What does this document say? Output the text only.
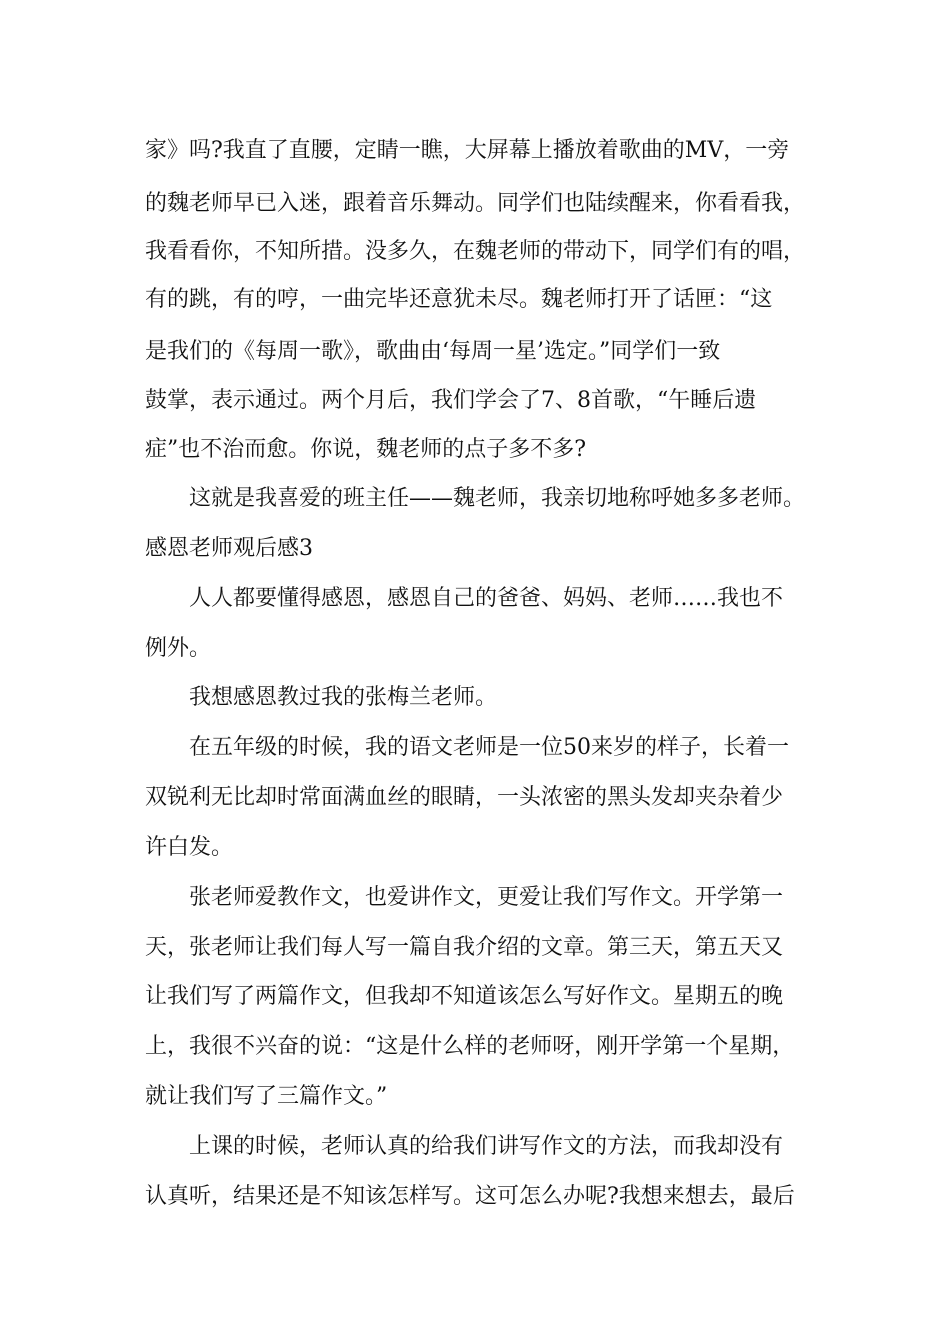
家》吗?我直了直腰，定睛一瞧，大屏幕上播放着歌曲的MV，一旁
的魏老师早已入迷，跟着音乐舞动。同学们也陆续醒来，你看看我，
我看看你，不知所措。没多久，在魏老师的带动下，同学们有的唱，
有的跳，有的哼，一曲完毕还意犹未尽。魏老师打开了话匣：“这
是我们的《每周一歌》，歌曲由‘每周一星’选定。”同学们一致
鼓掌，表示通过。两个月后，我们学会了7、8首歌，“午睡后遗
症”也不治而愈。你说，魏老师的点子多不多?
这就是我喜爱的班主任——魏老师，我亲切地称呼她多多老师。
感恩老师观后感3
人人都要懂得感恩，感恩自己的爸爸、妈妈、老师……我也不
例外。
我想感恩教过我的张梅兰老师。
在五年级的时候，我的语文老师是一位50来岁的样子，长着一
双锐利无比却时常面满血丝的眼睛，一头浓密的黑头发却夹杂着少
许白发。
张老师爱教作文，也爱讲作文，更爱让我们写作文。开学第一
天，张老师让我们每人写一篇自我介绍的文章。第三天，第五天又
让我们写了两篇作文，但我却不知道该怎么写好作文。星期五的晚
上，我很不兴奋的说：“这是什么样的老师呀，刚开学第一个星期，
就让我们写了三篇作文。”
上课的时候，老师认真的给我们讲写作文的方法，而我却没有
认真听，结果还是不知该怎样写。这可怎么办呢?我想来想去，最后
